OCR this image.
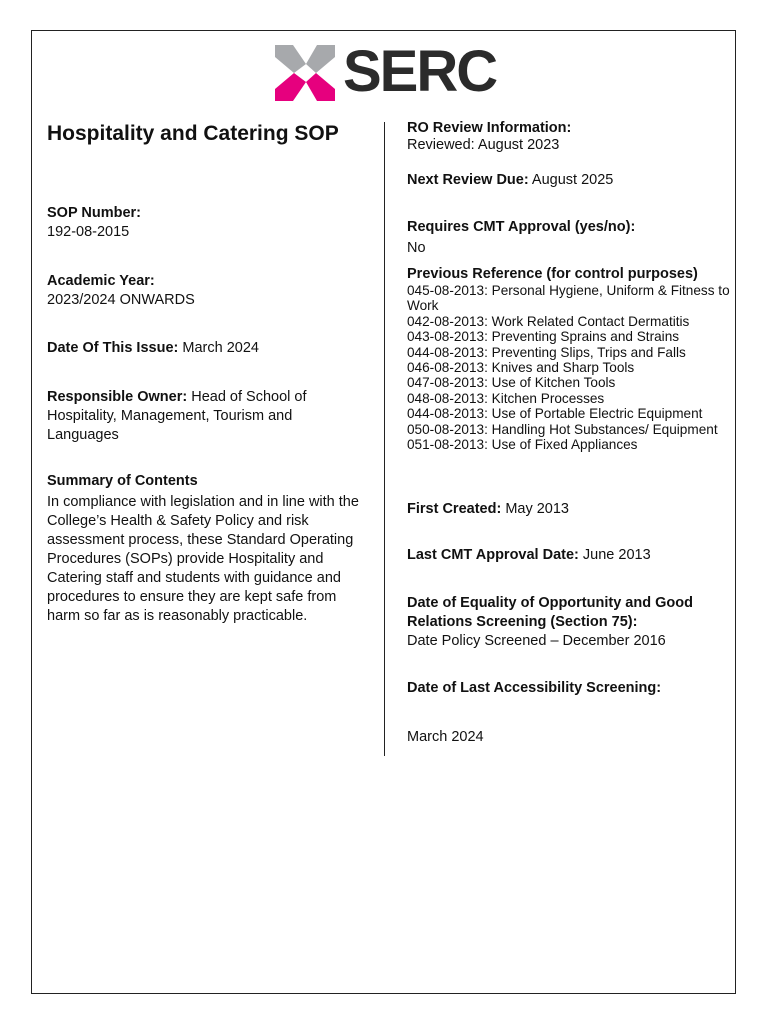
SERC
Hospitality and Catering SOP
SOP Number:
192-08-2015
Academic Year:
2023/2024 ONWARDS
Date Of This Issue: March 2024
Responsible Owner: Head of School of Hospitality, Management, Tourism and Languages
Summary of Contents
In compliance with legislation and in line with the College’s Health & Safety Policy and risk assessment process, these Standard Operating Procedures (SOPs) provide Hospitality and Catering staff and students with guidance and procedures to ensure they are kept safe from harm so far as is reasonably practicable.
RO Review Information:
Reviewed: August 2023
Next Review Due: August 2025
Requires CMT Approval (yes/no):
No
Previous Reference (for control purposes)
045-08-2013: Personal Hygiene, Uniform & Fitness to Work
042-08-2013: Work Related Contact Dermatitis
043-08-2013: Preventing Sprains and Strains
044-08-2013: Preventing Slips, Trips and Falls
046-08-2013: Knives and Sharp Tools
047-08-2013: Use of Kitchen Tools
048-08-2013: Kitchen Processes
044-08-2013: Use of Portable Electric Equipment
050-08-2013: Handling Hot Substances/ Equipment
051-08-2013: Use of Fixed Appliances
First Created: May 2013
Last CMT Approval Date: June 2013
Date of Equality of Opportunity and Good Relations Screening (Section 75):
Date Policy Screened – December 2016
Date of Last Accessibility Screening:
March 2024
